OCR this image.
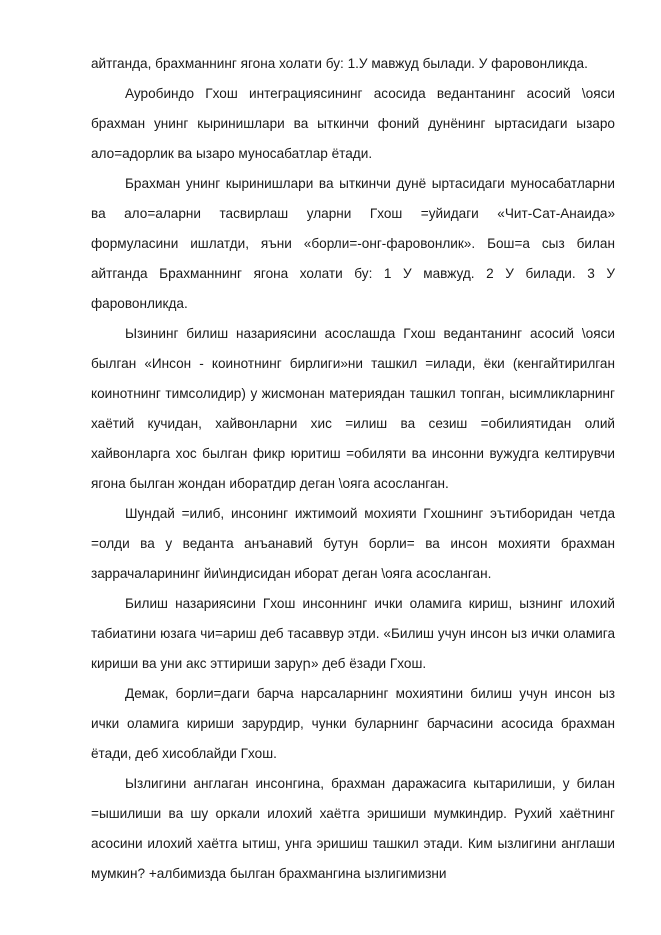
айтганда, брахманнинг ягона холати бу: 1.У мавжуд былади. У фаровонликда.

Ауробиндо Гхош интеграциясининг асосида ведантанинг асосий \ояси брахман унинг кыринишлари ва ыткинчи фоний дунёнинг ыртасидаги ызаро ало=адорлик ва ызаро муносабатлар ётади.

Брахман унинг кыринишлари ва ыткинчи дунё ыртасидаги муносабатларни ва ало=аларни тасвирлаш уларни Гхош =уйидаги «Чит-Сат-Анаида» формуласини ишлатди, яъни «борли=-онг-фаровонлик». Бош=а сыз билан айтганда Брахманнинг ягона холати бу: 1 У мавжуд. 2 У билади. 3 У фаровонликда.

Ызининг билиш назариясини асослашда Гхош ведантанинг асосий \ояси былган «Инсон - коинотнинг бирлиги»ни ташкил =илади, ёки (кенгайтирилган коинотнинг тимсолидир) у жисмонан материядан ташкил топган, ысимликларнинг хаётий кучидан, хайвонларни хис =илиш ва сезиш =обилиятидан олий хайвонларга хос былган фикр юритиш =обиляти ва инсонни вужудга келтирувчи ягона былган жондан иборатдир деган \ояга асосланган.

Шундай =илиб, инсонинг ижтимоий мохияти Гхошнинг эътиборидан четда =олди ва у веданта анъанавий бутун борли= ва инсон мохияти брахман заррачаларининг йи\индисидан иборат деган \ояга асосланган.

Билиш назариясини Гхош инсоннинг ички оламига кириш, ызнинг илохий табиатини юзага чи=ариш деб тасаввур этди. «Билиш учун инсон ыз ички оламига кириши ва уни акс эттириши заруր» деб ёзади Гхош.

Демак, борли=даги барча нарсаларнинг мохиятини билиш учун инсон ыз ички оламига кириши зарурдир, чунки буларнинг барчасини асосида брахман ётади, деб хисоблайди Гхош.

Ызлигини англаган инсонгина, брахман даражасига кытарилиши, у билан =ышилиши ва шу оркали илохий хаётга эришиши мумкиндир. Рухий хаётнинг асосини илохий хаётга ытиш, унга эришиш ташкил этади. Ким ызлигини англаши мумкин? +албимизда былган брахмангина ызлигимизни
